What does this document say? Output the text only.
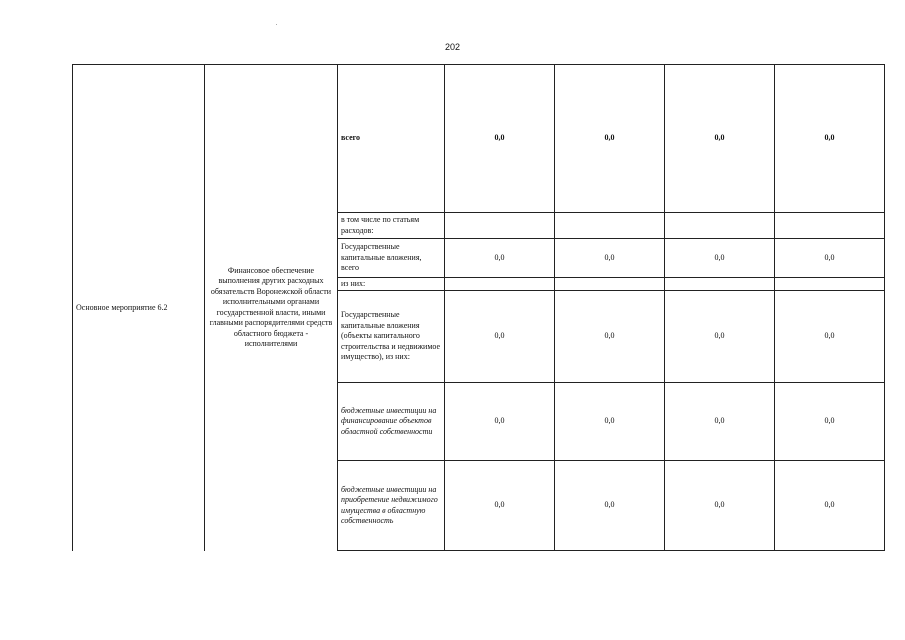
202
Основное мероприятие 6.2	Финансовое обеспечение выполнения других расходных обязательств Воронежской области исполнительными органами государственной власти, иными главными распорядителями средств областного бюджета - исполнителями	всего	0,0	0,0	0,0	0,0
		в том числе по статьям расходов:				
		Государственные капитальные вложения, всего	0,0	0,0	0,0	0,0
		из них:				
		Государственные капитальные вложения (объекты капитального строительства и недвижимое имущество), из них:	0,0	0,0	0,0	0,0
		бюджетные инвестиции на финансирование объектов областной собственности	0,0	0,0	0,0	0,0
		бюджетные инвестиции на приобретение недвижимого имущества в областную собственность	0,0	0,0	0,0	0,0
